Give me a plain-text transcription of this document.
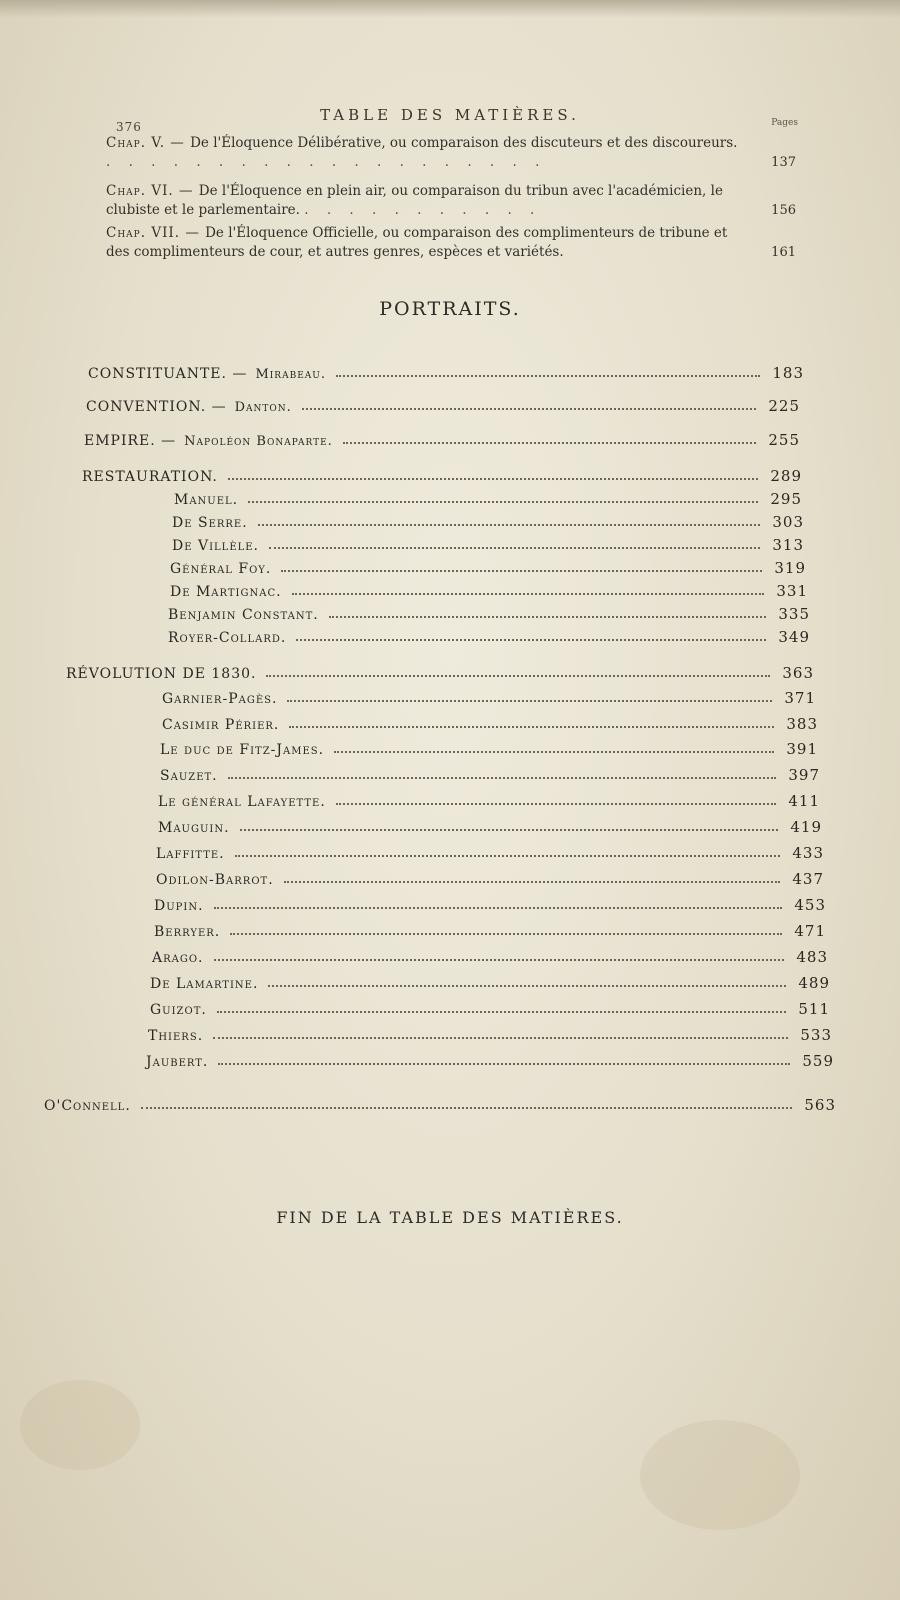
376
TABLE DES MATIÈRES.	Pages
Chap. V. — De l'Éloquence Délibérative, ou comparaison des discuteurs et des discoureurs. . . . . . . . . . . . . . . . . . . . .	137
Chap. VI. — De l'Éloquence en plein air, ou comparaison du tribun avec l'académicien, le clubiste et le parlementaire. . . . . . . . . . . .	156
Chap. VII. — De l'Éloquence Officielle, ou comparaison des complimenteurs de tribune et des complimenteurs de cour, et autres genres, espèces et variétés.	161
PORTRAITS.
CONSTITUANTE. — Mirabeau.	183
CONVENTION. — Danton.	225
EMPIRE. — Napoléon Bonaparte.	255
RESTAURATION.	289
Manuel.	295
De Serre.	303
De Villèle.	313
Général Foy.	319
De Martignac.	331
Benjamin Constant.	335
Royer-Collard.	349
RÉVOLUTION DE 1830.	363
Garnier-Pagès.	371
Casimir Périer.	383
Le duc de Fitz-James.	391
Sauzet.	397
Le général Lafayette.	411
Mauguin.	419
Laffitte.	433
Odilon-Barrot.	437
Dupin.	453
Berryer.	471
Arago.	483
De Lamartine.	489
Guizot.	511
Thiers.	533
Jaubert.	559
O'Connell.	563
FIN DE LA TABLE DES MATIÈRES.
